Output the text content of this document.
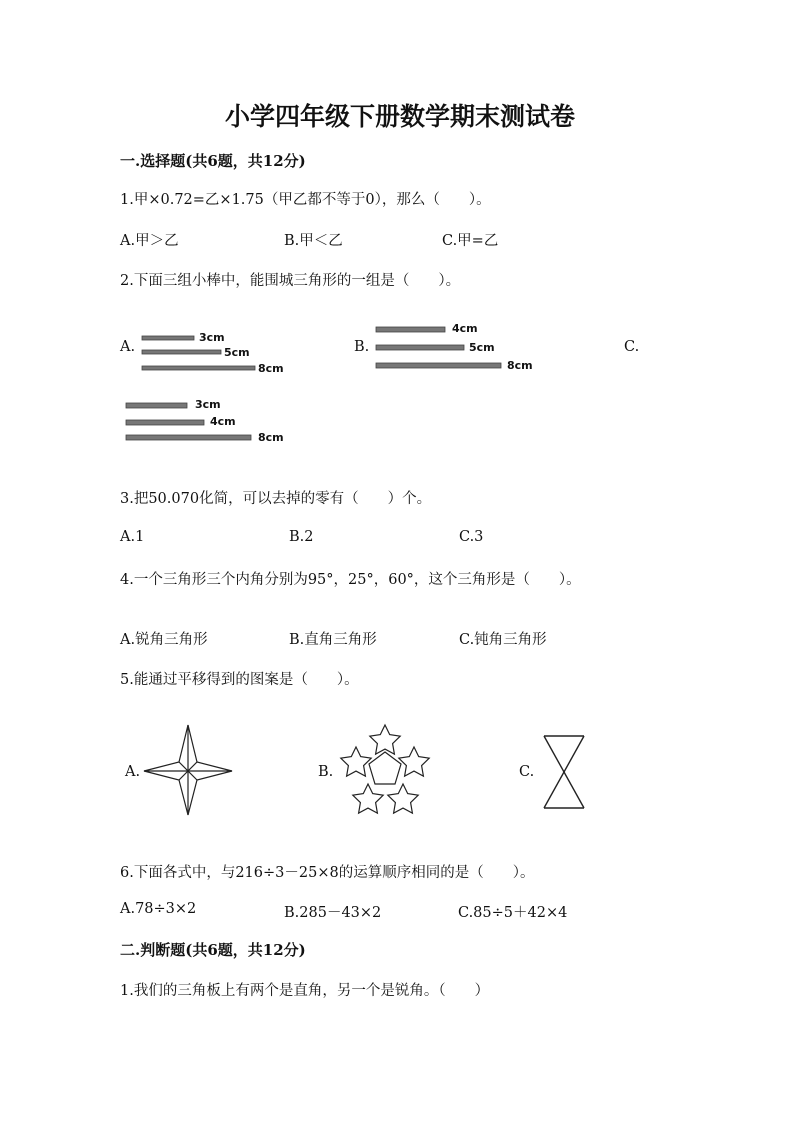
小学四年级下册数学期末测试卷
一.选择题(共6题，共12分)
1.甲×0.72=乙×1.75（甲乙都不等于0），那么（　　）。
A.甲＞乙	B.甲＜乙	C.甲=乙
2.下面三组小棒中，能围城三角形的一组是（　　）。
A.	B.	C.
3cm
5cm
8cm
4cm
5cm
8cm
3cm
4cm
8cm
3.把50.070化简，可以去掉的零有（　　）个。
A.1	B.2	C.3
4.一个三角形三个内角分别为95°，25°，60°，这个三角形是（　　）。
A.锐角三角形	B.直角三角形	C.钝角三角形
5.能通过平移得到的图案是（　　）。
A.	B.	C.
6.下面各式中，与216÷3－25×8的运算顺序相同的是（　　）。
A.78÷3×2	B.285－43×2	C.85÷5＋42×4
二.判断题(共6题，共12分)
1.我们的三角板上有两个是直角，另一个是锐角。（　　）
